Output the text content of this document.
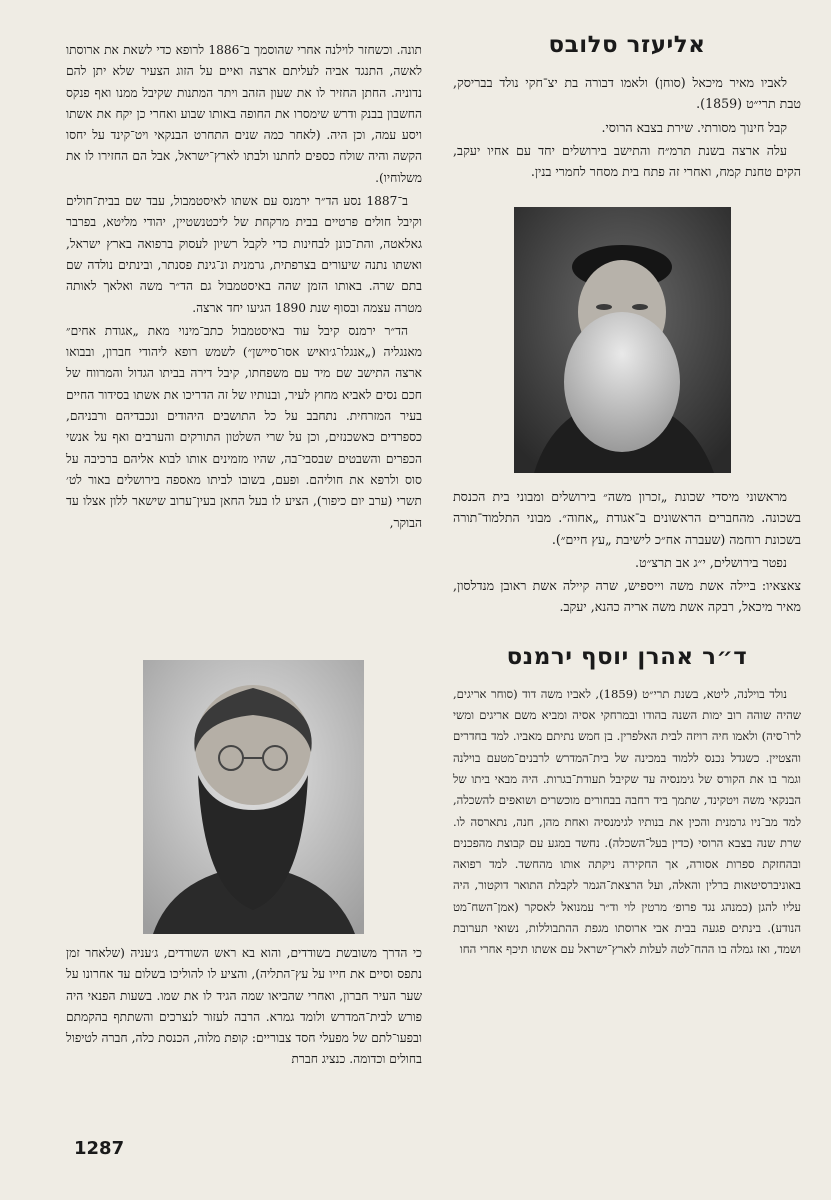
אליעזר סלובס

לאביו מאיר מיכאל (סוחן) ולאמו דבורה בת יצ־חקי נולד בבריסק, טבת תרי״ט (1859).

קבל חינוך מסורתי. שירת בצבא הרוסי.

עלה ארצה בשנת תרמ״ח והתישב בירושלים יחד עם אחיו יעקב, הקים טחנת קמח, ואחרי זה פתח בית מסחר לחמרי בנין.

מראשוני מיסדי שכונת „זכרון משה״ בירושלים ומבוני בית הכנסת בשכונה. מהחברים הראשונים ב־אגודת „אחוה״. מבוני התלמוד־תורה בשכונת רוחמה (שעברה אח״כ לישיבת „עץ חיים״).

נפטר בירושלים, י״ג אב תרצ״ט.

צאצאיו: ביילה אשת משה וייספיש, שרה קיילה אשת ראובן מנדלסון, מאיר מיכאל, רבקה אשת משה אריה כהנא, יעקב.

ד״ר אהרן יוסף ירמנס

נולד בוילנה, ליטא, בשנת תרי״ט (1859), לאביו משה דוד (סוחר אריגים, שהיה שוהה רוב ימות השנה בהודו ובמרחקי אסיה ומביא משם אריגים ומשי לרו־סיה) ולאמו חיה רויזה לבית האלפרין. בן חמש נתיתם מאביו. למד בחדרים והצטיין. כשגדל נכנס ללמוד במכינה של בית־המדרש לרבנים־מטעם בוילנה וגמר בו את הקורס של גימנסיה עד שקיבל תעודת־בגרות. היה מבאי ביתו של הבנקאי משה ויטקינד, שתמך ביד רחבה בבחורים מוכשרים ושואפים להשכלה, למד מב־ניו גרמנית והכין את בנותיו לגימנסיה ואחת מהן, חנה, נתארסה לו. שרת שנה בצבא הרוסי (כדין בעל־השכלה). נחשד במגע עם קבוצת מהפכנים ובהחזקת ספרות אסורה, אך החקירה ניקתה אותו מהחשד. למד רפואה באוניברסיטאות ברלין והאלה, ועל הרצאת־הגמר לקבלת התואר דוקטור, היה עליו להגן (כמנהג נגד פרופ׳ מרטין לוי וד״ר עמנואל לאסקר (אמן־השח־מט הנודע). בינתים פגעה בבית אבי ארוסתו מגפת ההתבוללות, נשואי תערובת ושמד, ואז גמלה בו ההח־לטה לעלות לארץ־ישראל עם אשתו תיכף אחרי החו

תונה. וכשחזר לוילנה אחרי שהוסמך ב־1886 לרופא כדי לשאת את ארוסתו לאשה, התנגד אביה לעליתם ארצה ואיים על הזוג הצעיר שלא יתן להם נדוניה. החתן החזיר לו את שעון הזהב ויתר המתנות שקיבל ממנו ואף פנקס החשבון בבנק ודרש שימסרו את החופה באותו שבוע ואחרי כן יקח את אשתו ויסע עמה, וכן היה. (לאחר כמה שנים התחרט הבנקאי ויט־קינד על יחסו הקשה והיה שולח כספים לחתנו ולבתו לארץ־ישראל, אבל הם החזירו לו את משלוחיו).

ב־1887 נסע הד״ר ירמנס עם אשתו לאיסטמבול, עבד שם בבית־חולים וקיבל חולים פרטיים בבית מרקחת של ליכטנשטיין, יהודי מליטא, בפרבר גאלאטה, והת־כונן לבחינות כדי לקבל רשיון לעסוק ברפואה בארץ ישראל, ואשתו נתנה שיעורים בצרפתית, גרמנית ונ־גינת פסנתר, ובינתים נולדה שם בתם שרה. באותו הזמן שהה באיסטמבול גם הד״ר משה ואלאך לאותה מטרה עצמה ובסוף שנת 1890 הגיעו יחד ארצה.

הד״ר ירמנס קיבל עוד באיסטמבול כתב־מינוי מאת „אגודת אחים״ מאנגליה („אנגלו־ג׳ואיש אסו־סיישן״) לשמש רופא ליהודי חברון, ובבואו ארצה התישב שם מיד עם משפחתו, קיבל דירה בביתו הגדול והמרווח של חכם נסים לאביא מחוץ לעיר, ובנותיו של זה הדריכו את אשתו בסידור החיים בעיר המזרחית. נתחבב על כל התושבים היהודים ונכבדיהם ורבניהם, כספרדים כאשכנזים, וכן על שרי השלטון התורקים והערבים ואף על אנשי הכפרים והשבטים שבסבי־בה, שהיו מזמינים אותו לבוא אליהם ברכיבה על סוס ולרפא את חוליהם. ופעם, בשובו לביתו מאספה בירושלים באור לט׳ תשרי (ערב יום כיפור), הציע לו בעל החאן בעין־ערוב שישאר ללון אצלו עד הבוקר,

כי הדרך משובשת בשודדים, והוא בא ראש השודדים, ג׳עניה (שלאחר זמן נתפס וסיים את חייו על עץ־התליה), והציע לו להוליכו בשלום עד אחרונו על שער העיר חברון, ואחרי שהביאו שמה הגיד לו את שמו. בשעות הפנאי היה פורש לבית־המדרש ולומד גמרא. הרבה לעזור לנצרכים והשתתף בהקמתם ובפעו־לתם של מפעלי חסד צבוריים: קופת מלוה, הכנסת כלה, חברה לטיפול בחולים וכדומה. כנציג חברת

1287
